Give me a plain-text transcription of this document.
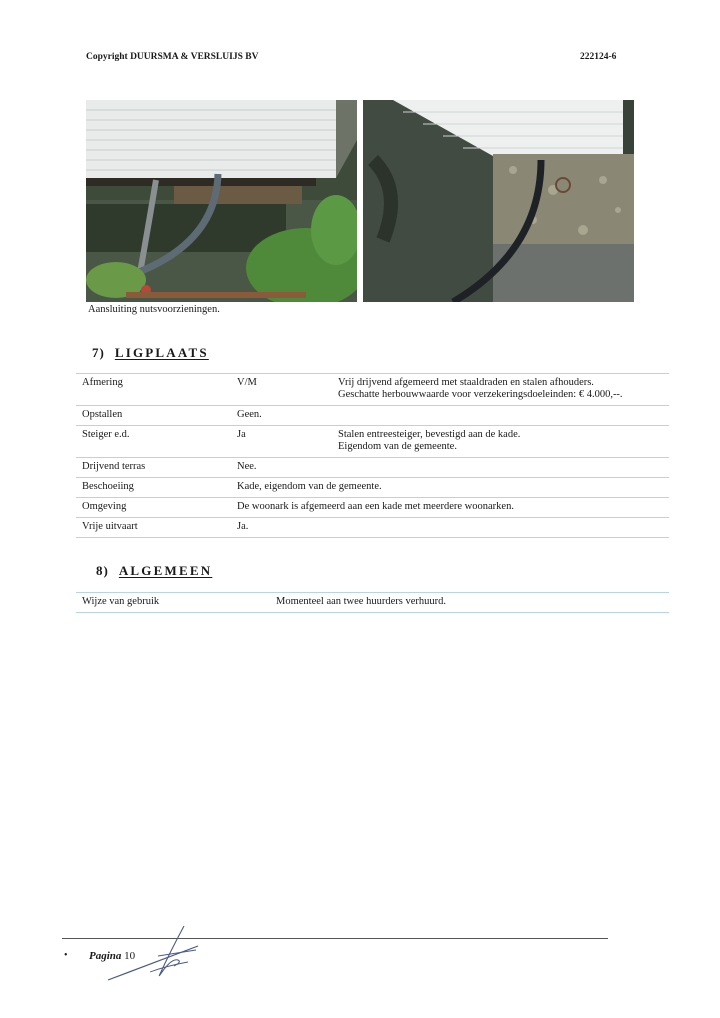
Copyright DUURSMA & VERSLUIJS BV	222124-6
Aansluiting nutsvoorzieningen.
7) LIGPLAATS
Afmering	V/M	Vrij drijvend afgemeerd met staaldraden en stalen afhouders.
Geschatte herbouwwaarde voor verzekeringsdoeleinden: € 4.000,--.

Opstallen	Geen.	
Steiger e.d.	Ja	Stalen entreesteiger, bevestigd aan de kade.
Eigendom van de gemeente.

Drijvend terras	Nee.	
Beschoeiing	Kade, eigendom van de gemeente.	
Omgeving	De woonark is afgemeerd aan een kade met meerdere woonarken.	
Vrije uitvaart	Ja.	
8) ALGEMEEN
Wijze van gebruik	Momenteel aan twee huurders verhuurd.
• Pagina 10
